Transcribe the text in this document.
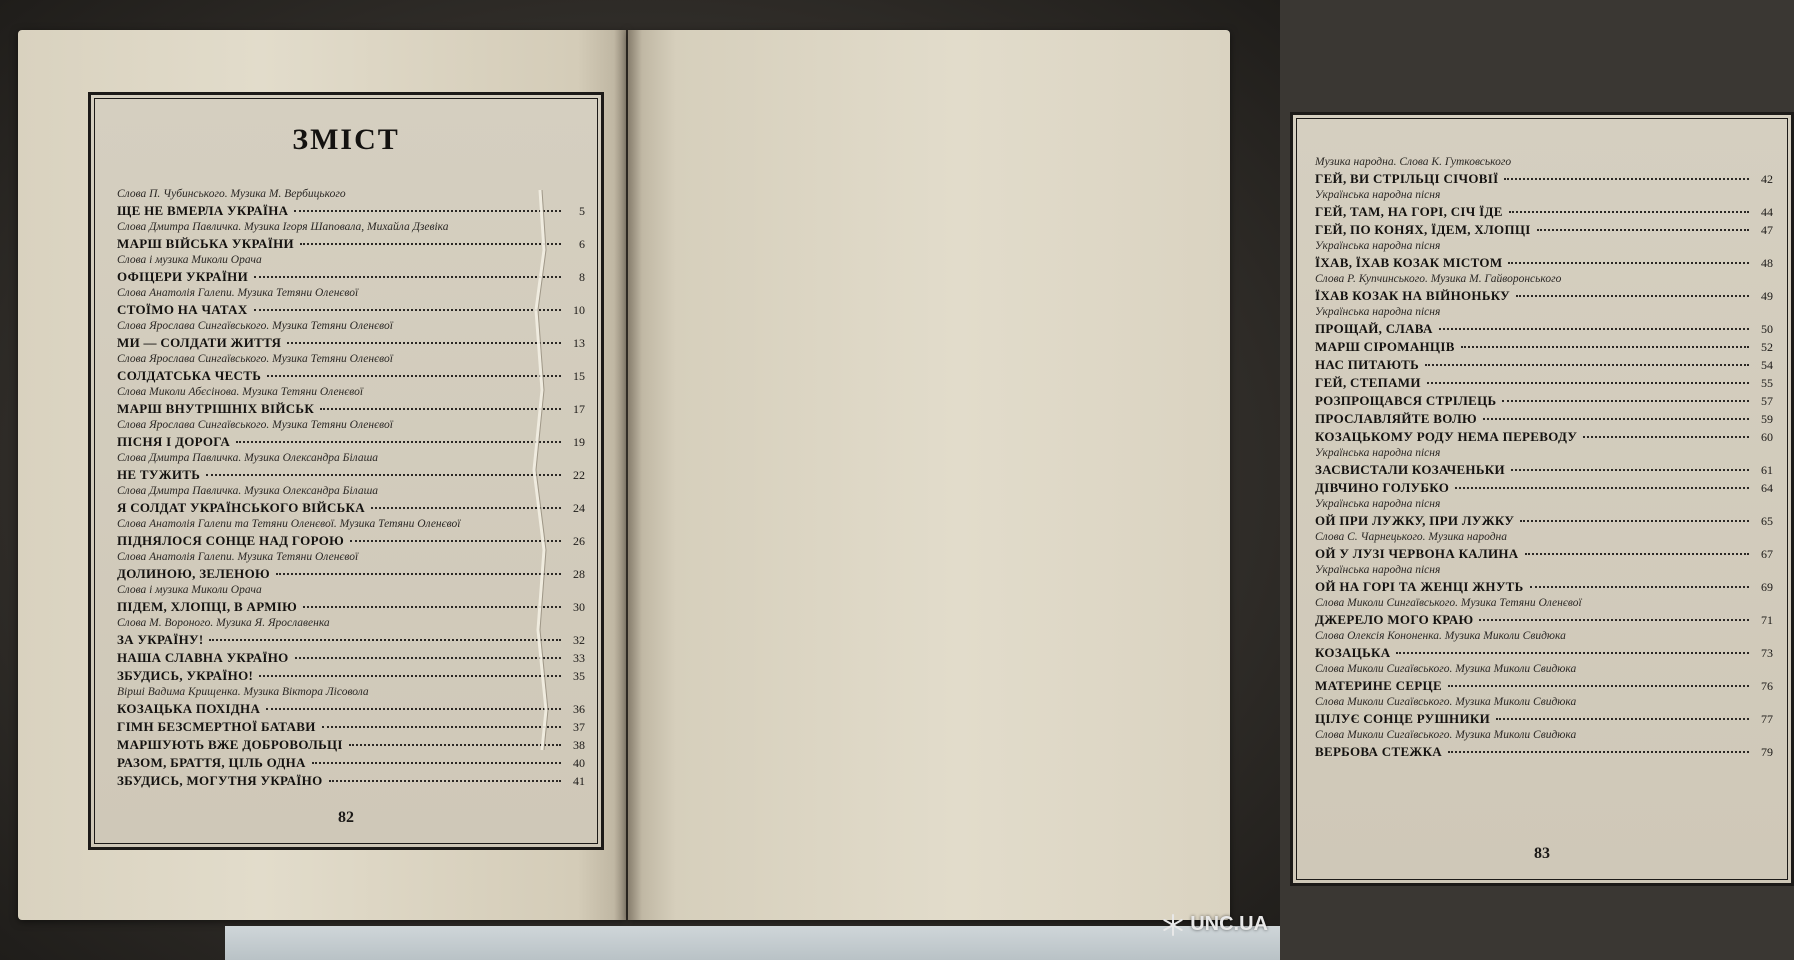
ЗМІСТ
Слова П. Чубинського. Музика М. Вербицького
ЩЕ НЕ ВМЕРЛА УКРАЇНА	5
Слова Дмитра Павличка. Музика Ігоря Шаповала, Михайла Дзевіка
МАРШ ВІЙСЬКА УКРАЇНИ	6
Слова і музика Миколи Орача
ОФІЦЕРИ УКРАЇНИ	8
Слова Анатолія Галепи. Музика Тетяни Оленєвої
СТОЇМО НА ЧАТАХ	10
Слова Ярослава Сингаївського. Музика Тетяни Оленєвої
МИ — СОЛДАТИ ЖИТТЯ	13
Слова Ярослава Сингаївського. Музика Тетяни Оленєвої
СОЛДАТСЬКА ЧЕСТЬ	15
Слова Миколи Абєсінова. Музика Тетяни Оленєвої
МАРШ ВНУТРІШНІХ ВІЙСЬК	17
Слова Ярослава Сингаївського. Музика Тетяни Оленєвої
ПІСНЯ І ДОРОГА	19
Слова Дмитра Павличка. Музика Олександра Білаша
НЕ ТУЖИТЬ	22
Слова Дмитра Павличка. Музика Олександра Білаша
Я СОЛДАТ УКРАЇНСЬКОГО ВІЙСЬКА	24
Слова Анатолія Галепи та Тетяни Оленєвої. Музика Тетяни Оленєвої
ПІДНЯЛОСЯ СОНЦЕ НАД ГОРОЮ	26
Слова Анатолія Галепи. Музика Тетяни Оленєвої
ДОЛИНОЮ, ЗЕЛЕНОЮ	28
Слова і музика Миколи Орача
ПІДЕМ, ХЛОПЦІ, В АРМІЮ	30
Слова М. Вороного. Музика Я. Ярославенка
ЗА УКРАЇНУ!	32
НАША СЛАВНА УКРАЇНО	33
ЗБУДИСЬ, УКРАЇНО!	35
Вірші Вадима Крищенка. Музика Віктора Лісовола
КОЗАЦЬКА ПОХІДНА	36
ГІМН БЕЗСМЕРТНОЇ БАТАВИ	37
МАРШУЮТЬ ВЖЕ ДОБРОВОЛЬЦІ	38
РАЗОМ, БРАТТЯ, ЦІЛЬ ОДНА	40
ЗБУДИСЬ, МОГУТНЯ УКРАЇНО	41
82
Музика народна. Слова К. Гутковського
ГЕЙ, ВИ СТРІЛЬЦІ СІЧОВІЇ	42
Українська народна пісня
ГЕЙ, ТАМ, НА ГОРІ, СІЧ ЇДЕ	44
ГЕЙ, ПО КОНЯХ, ЇДЕМ, ХЛОПЦІ	47
Українська народна пісня
ЇХАВ, ЇХАВ КОЗАК МІСТОМ	48
Слова Р. Купчинського. Музика М. Гайворонського
ЇХАВ КОЗАК НА ВІЙНОНЬКУ	49
Українська народна пісня
ПРОЩАЙ, СЛАВА	50
МАРШ СІРОМАНЦІВ	52
НАС ПИТАЮТЬ	54
ГЕЙ, СТЕПАМИ	55
РОЗПРОЩАВСЯ СТРІЛЕЦЬ	57
ПРОСЛАВЛЯЙТЕ ВОЛЮ	59
КОЗАЦЬКОМУ РОДУ НЕМА ПЕРЕВОДУ	60
Українська народна пісня
ЗАСВИСТАЛИ КОЗАЧЕНЬКИ	61
ДІВЧИНО ГОЛУБКО	64
Українська народна пісня
ОЙ ПРИ ЛУЖКУ, ПРИ ЛУЖКУ	65
Слова С. Чарнецького. Музика народна
ОЙ У ЛУЗІ ЧЕРВОНА КАЛИНА	67
Українська народна пісня
ОЙ НА ГОРІ ТА ЖЕНЦІ ЖНУТЬ	69
Слова Миколи Сингаївського. Музика Тетяни Оленєвої
ДЖЕРЕЛО МОГО КРАЮ	71
Слова Олексія Кононенка. Музика Миколи Свидюка
КОЗАЦЬКА	73
Слова Миколи Сигаївського. Музика Миколи Свидюка
МАТЕРИНЕ СЕРЦЕ	76
Слова Миколи Сигаївського. Музика Миколи Свидюка
ЦІЛУЄ СОНЦЕ РУШНИКИ	77
Слова Миколи Сигаївського. Музика Миколи Свидюка
ВЕРБОВА СТЕЖКА	79
83
UNC.UA
